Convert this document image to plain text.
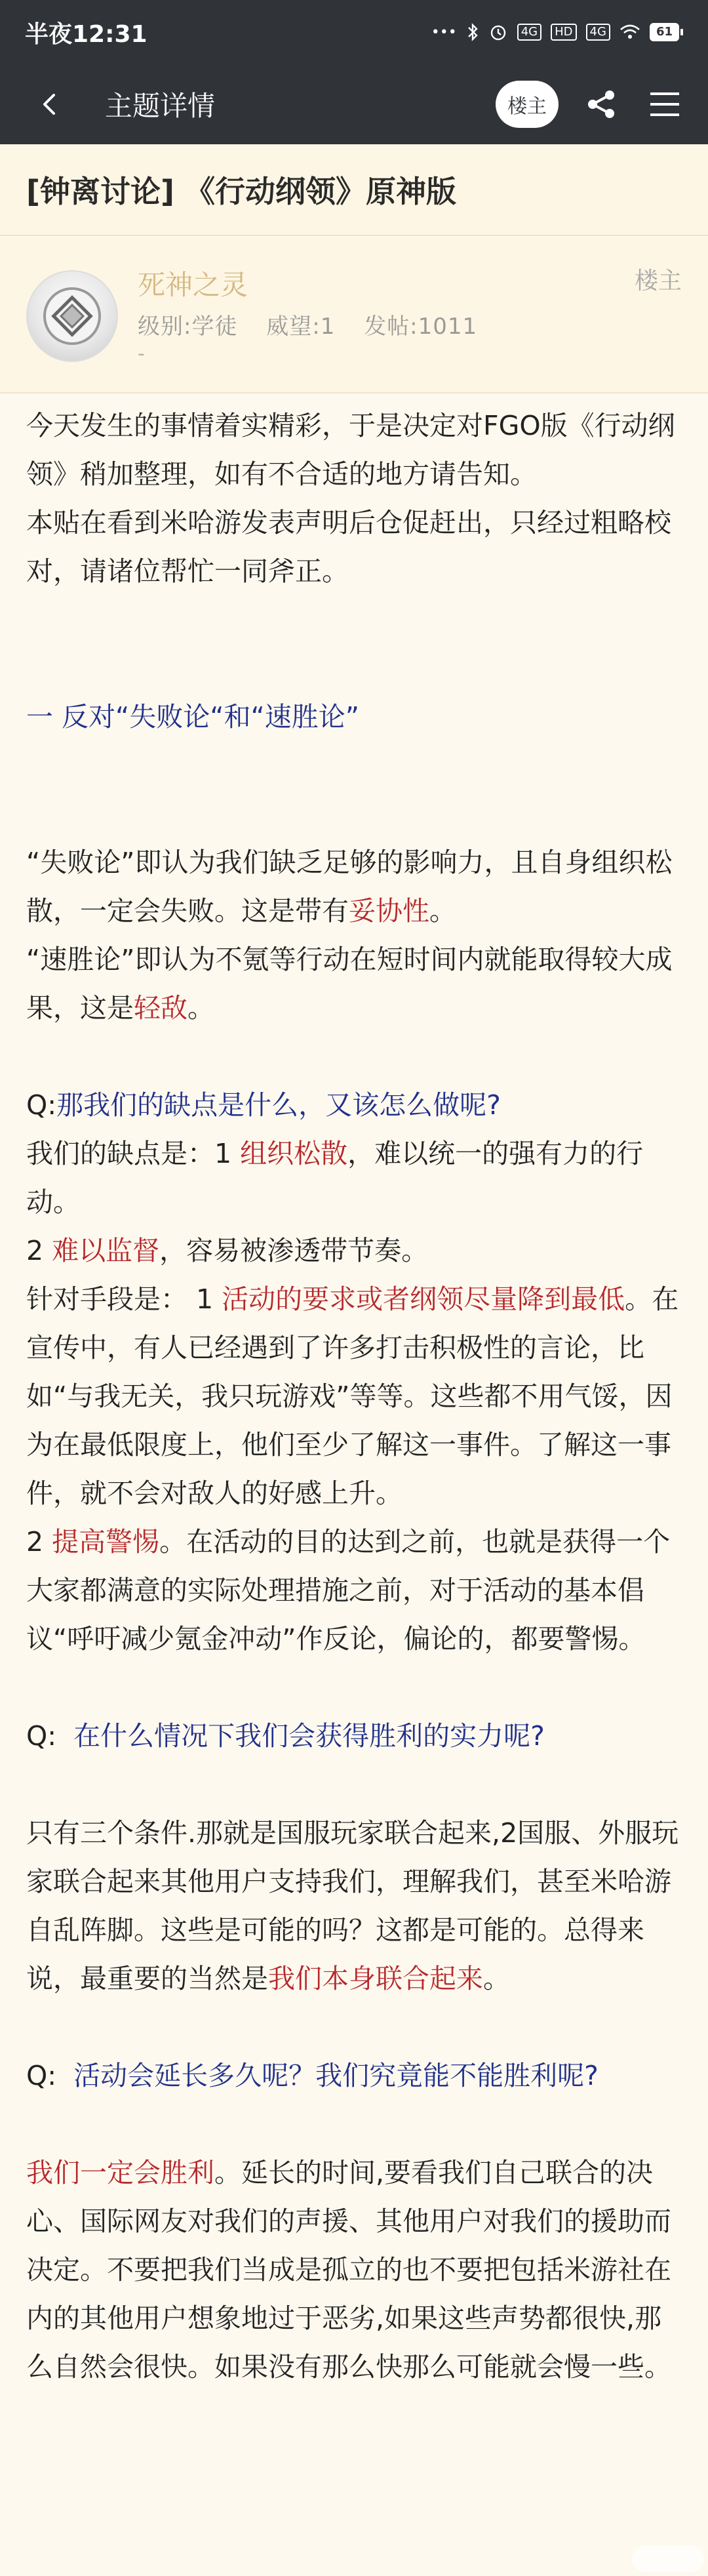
半夜12:31	•••	4G	HD	4G	61
主题详情	楼主
[钟离讨论] 《行动纲领》原神版
死神之灵
级别:学徒 威望:1 发帖:1011
-
楼主

今天发生的事情着实精彩，于是决定对FGO版《行动纲领》稍加整理，如有不合适的地方请告知。

本贴在看到米哈游发表声明后仓促赶出，只经过粗略校对，请诸位帮忙一同斧正。

一 反对“失败论“和“速胜论”

“失败论”即认为我们缺乏足够的影响力，且自身组织松散，一定会失败。这是带有妥协性。

“速胜论”即认为不氪等行动在短时间内就能取得较大成果，这是轻敌。

Q:那我们的缺点是什么，又该怎么做呢?

我们的缺点是：1 组织松散，难以统一的强有力的行动。

2 难以监督，容易被渗透带节奏。

针对手段是： 1 活动的要求或者纲领尽量降到最低。在宣传中，有人已经遇到了许多打击积极性的言论，比如“与我无关，我只玩游戏”等等。这些都不用气馁，因为在最低限度上，他们至少了解这一事件。了解这一事件，就不会对敌人的好感上升。

2 提高警惕。在活动的目的达到之前，也就是获得一个大家都满意的实际处理措施之前，对于活动的基本倡议“呼吁减少氪金冲动”作反论，偏论的，都要警惕。

Q: 在什么情况下我们会获得胜利的实力呢?

只有三个条件.那就是国服玩家联合起来,2国服、外服玩家联合起来其他用户支持我们，理解我们，甚至米哈游自乱阵脚。这些是可能的吗？这都是可能的。总得来说，最重要的当然是我们本身联合起来。

Q: 活动会延长多久呢？我们究竟能不能胜利呢?

我们一定会胜利。延长的时间,要看我们自己联合的决心、国际网友对我们的声援、其他用户对我们的援助而决定。不要把我们当成是孤立的也不要把包括米游社在内的其他用户想象地过于恶劣,如果这些声势都很快,那么自然会很快。如果没有那么快那么可能就会慢一些。
